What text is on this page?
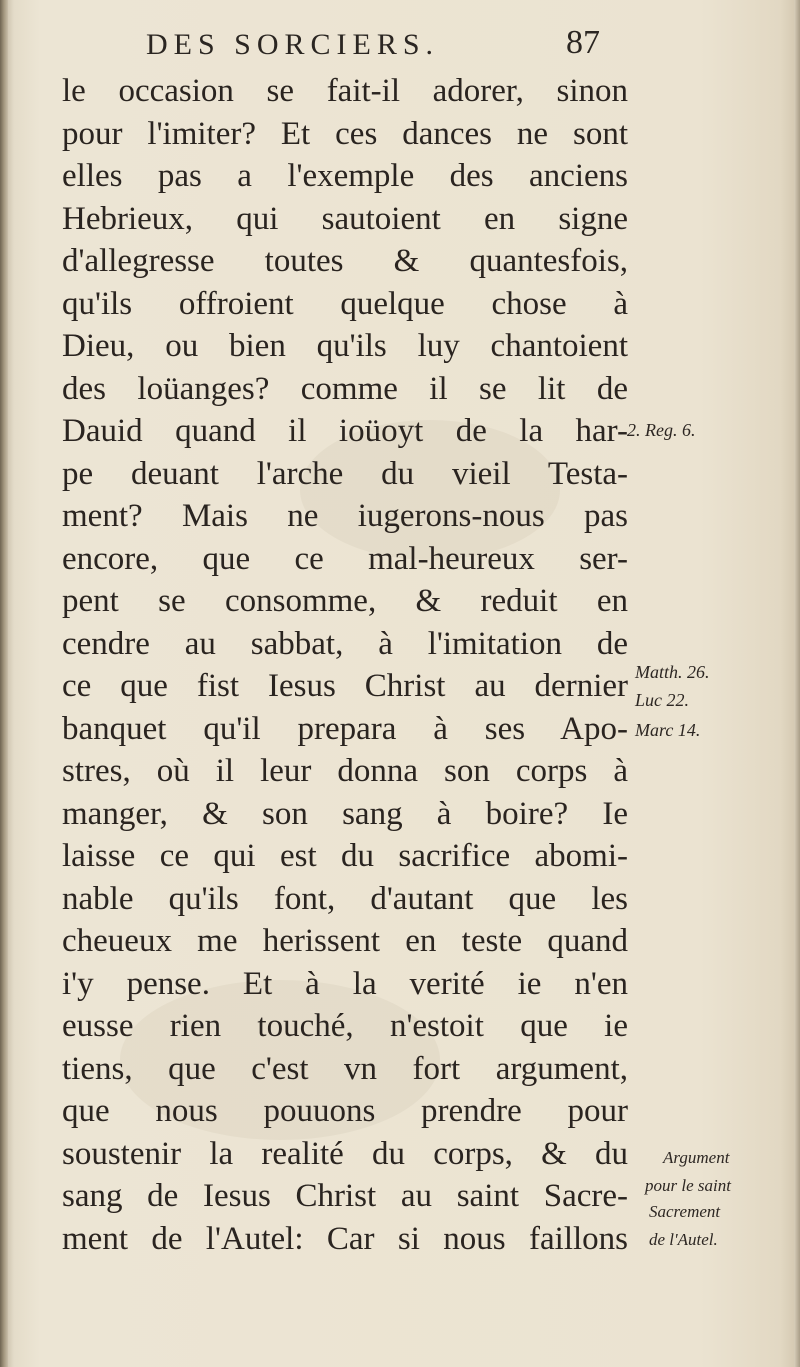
DES SORCIERS.	87
le occasion se fait-il adorer, sinon
pour l'imiter? Et ces dances ne sont
elles pas a l'exemple des anciens
Hebrieux, qui sautoient en signe
d'allegresse toutes & quantesfois,
qu'ils offroient quelque chose à
Dieu, ou bien qu'ils luy chantoient
des loüanges? comme il se lit de
Dauid quand il ioüoyt de la har-
pe deuant l'arche du vieil Testa-
ment? Mais ne iugerons-nous pas
encore, que ce mal-heureux ser-
pent se consomme, & reduit en
cendre au sabbat, à l'imitation de
ce que fist Iesus Christ au dernier
banquet qu'il prepara à ses Apo-
stres, où il leur donna son corps à
manger, & son sang à boire? Ie
laisse ce qui est du sacrifice abomi-
nable qu'ils font, d'autant que les
cheueux me herissent en teste quand
i'y pense. Et à la verité ie n'en
eusse rien touché, n'estoit que ie
tiens, que c'est vn fort argument,
que nous pouuons prendre pour
soustenir la realité du corps, & du
sang de Iesus Christ au saint Sacre-
ment de l'Autel: Car si nous faillons
2. Reg. 6.
Matth. 26.
Luc 22.
Marc 14.
Argument
pour le saint
Sacrement
de l'Autel.
